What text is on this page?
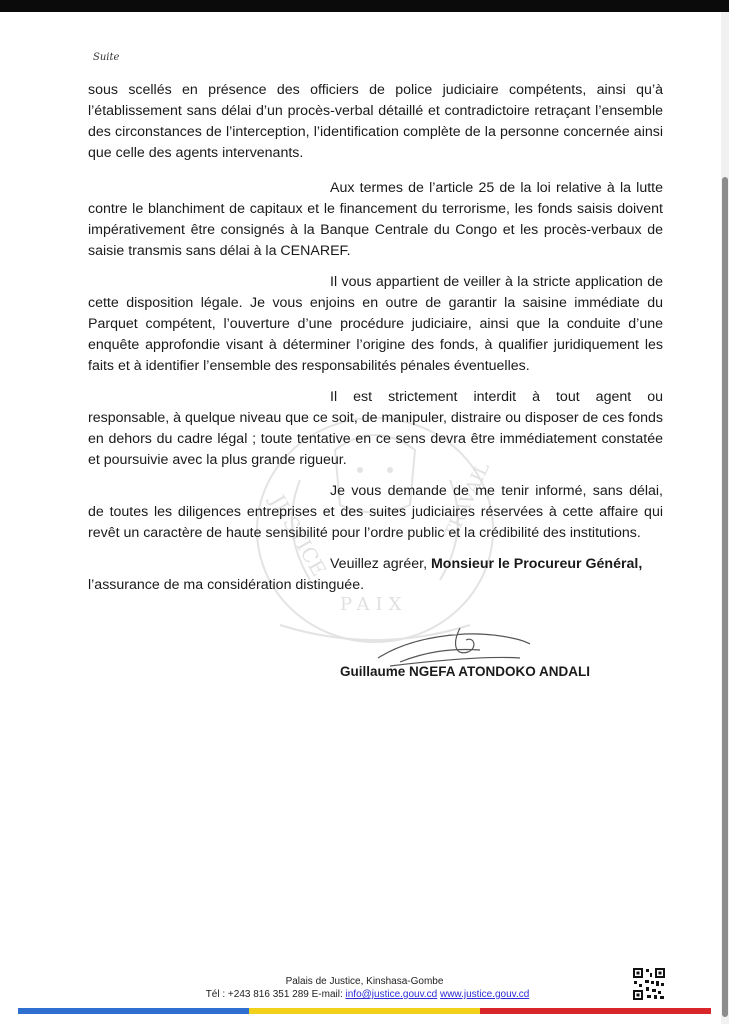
Suite
JUSTICE
PAIX
TRAVAIL

sous scellés en présence des officiers de police judiciaire compétents, ainsi qu’à l’établissement sans délai d’un procès-verbal détaillé et contradictoire retraçant l’ensemble des circonstances de l’interception, l’identification complète de la personne concernée ainsi que celle des agents intervenants.

Aux termes de l’article 25 de la loi relative à la lutte contre le blanchiment de capitaux et le financement du terrorisme, les fonds saisis doivent impérativement être consignés à la Banque Centrale du Congo et les procès-verbaux de saisie transmis sans délai à la CENAREF.

Il vous appartient de veiller à la stricte application de cette disposition légale. Je vous enjoins en outre de garantir la saisine immédiate du Parquet compétent, l’ouverture d’une procédure judiciaire, ainsi que la conduite d’une enquête approfondie visant à déterminer l’origine des fonds, à qualifier juridiquement les faits et à identifier l’ensemble des responsabilités pénales éventuelles.

Il est strictement interdit à tout agent ou responsable, à quelque niveau que ce soit, de manipuler, distraire ou disposer de ces fonds en dehors du cadre légal ; toute tentative en ce sens devra être immédiatement constatée et poursuivie avec la plus grande rigueur.

Je vous demande de me tenir informé, sans délai, de toutes les diligences entreprises et des suites judiciaires réservées à cette affaire qui revêt un caractère de haute sensibilité pour l’ordre public et la crédibilité des institutions.

Veuillez agréer, Monsieur le Procureur Général,
l’assurance de ma considération distinguée.

Guillaume NGEFA ATONDOKO ANDALI
Palais de Justice, Kinshasa-Gombe
Tél : +243 816 351 289 E-mail: info@justice.gouv.cd www.justice.gouv.cd
